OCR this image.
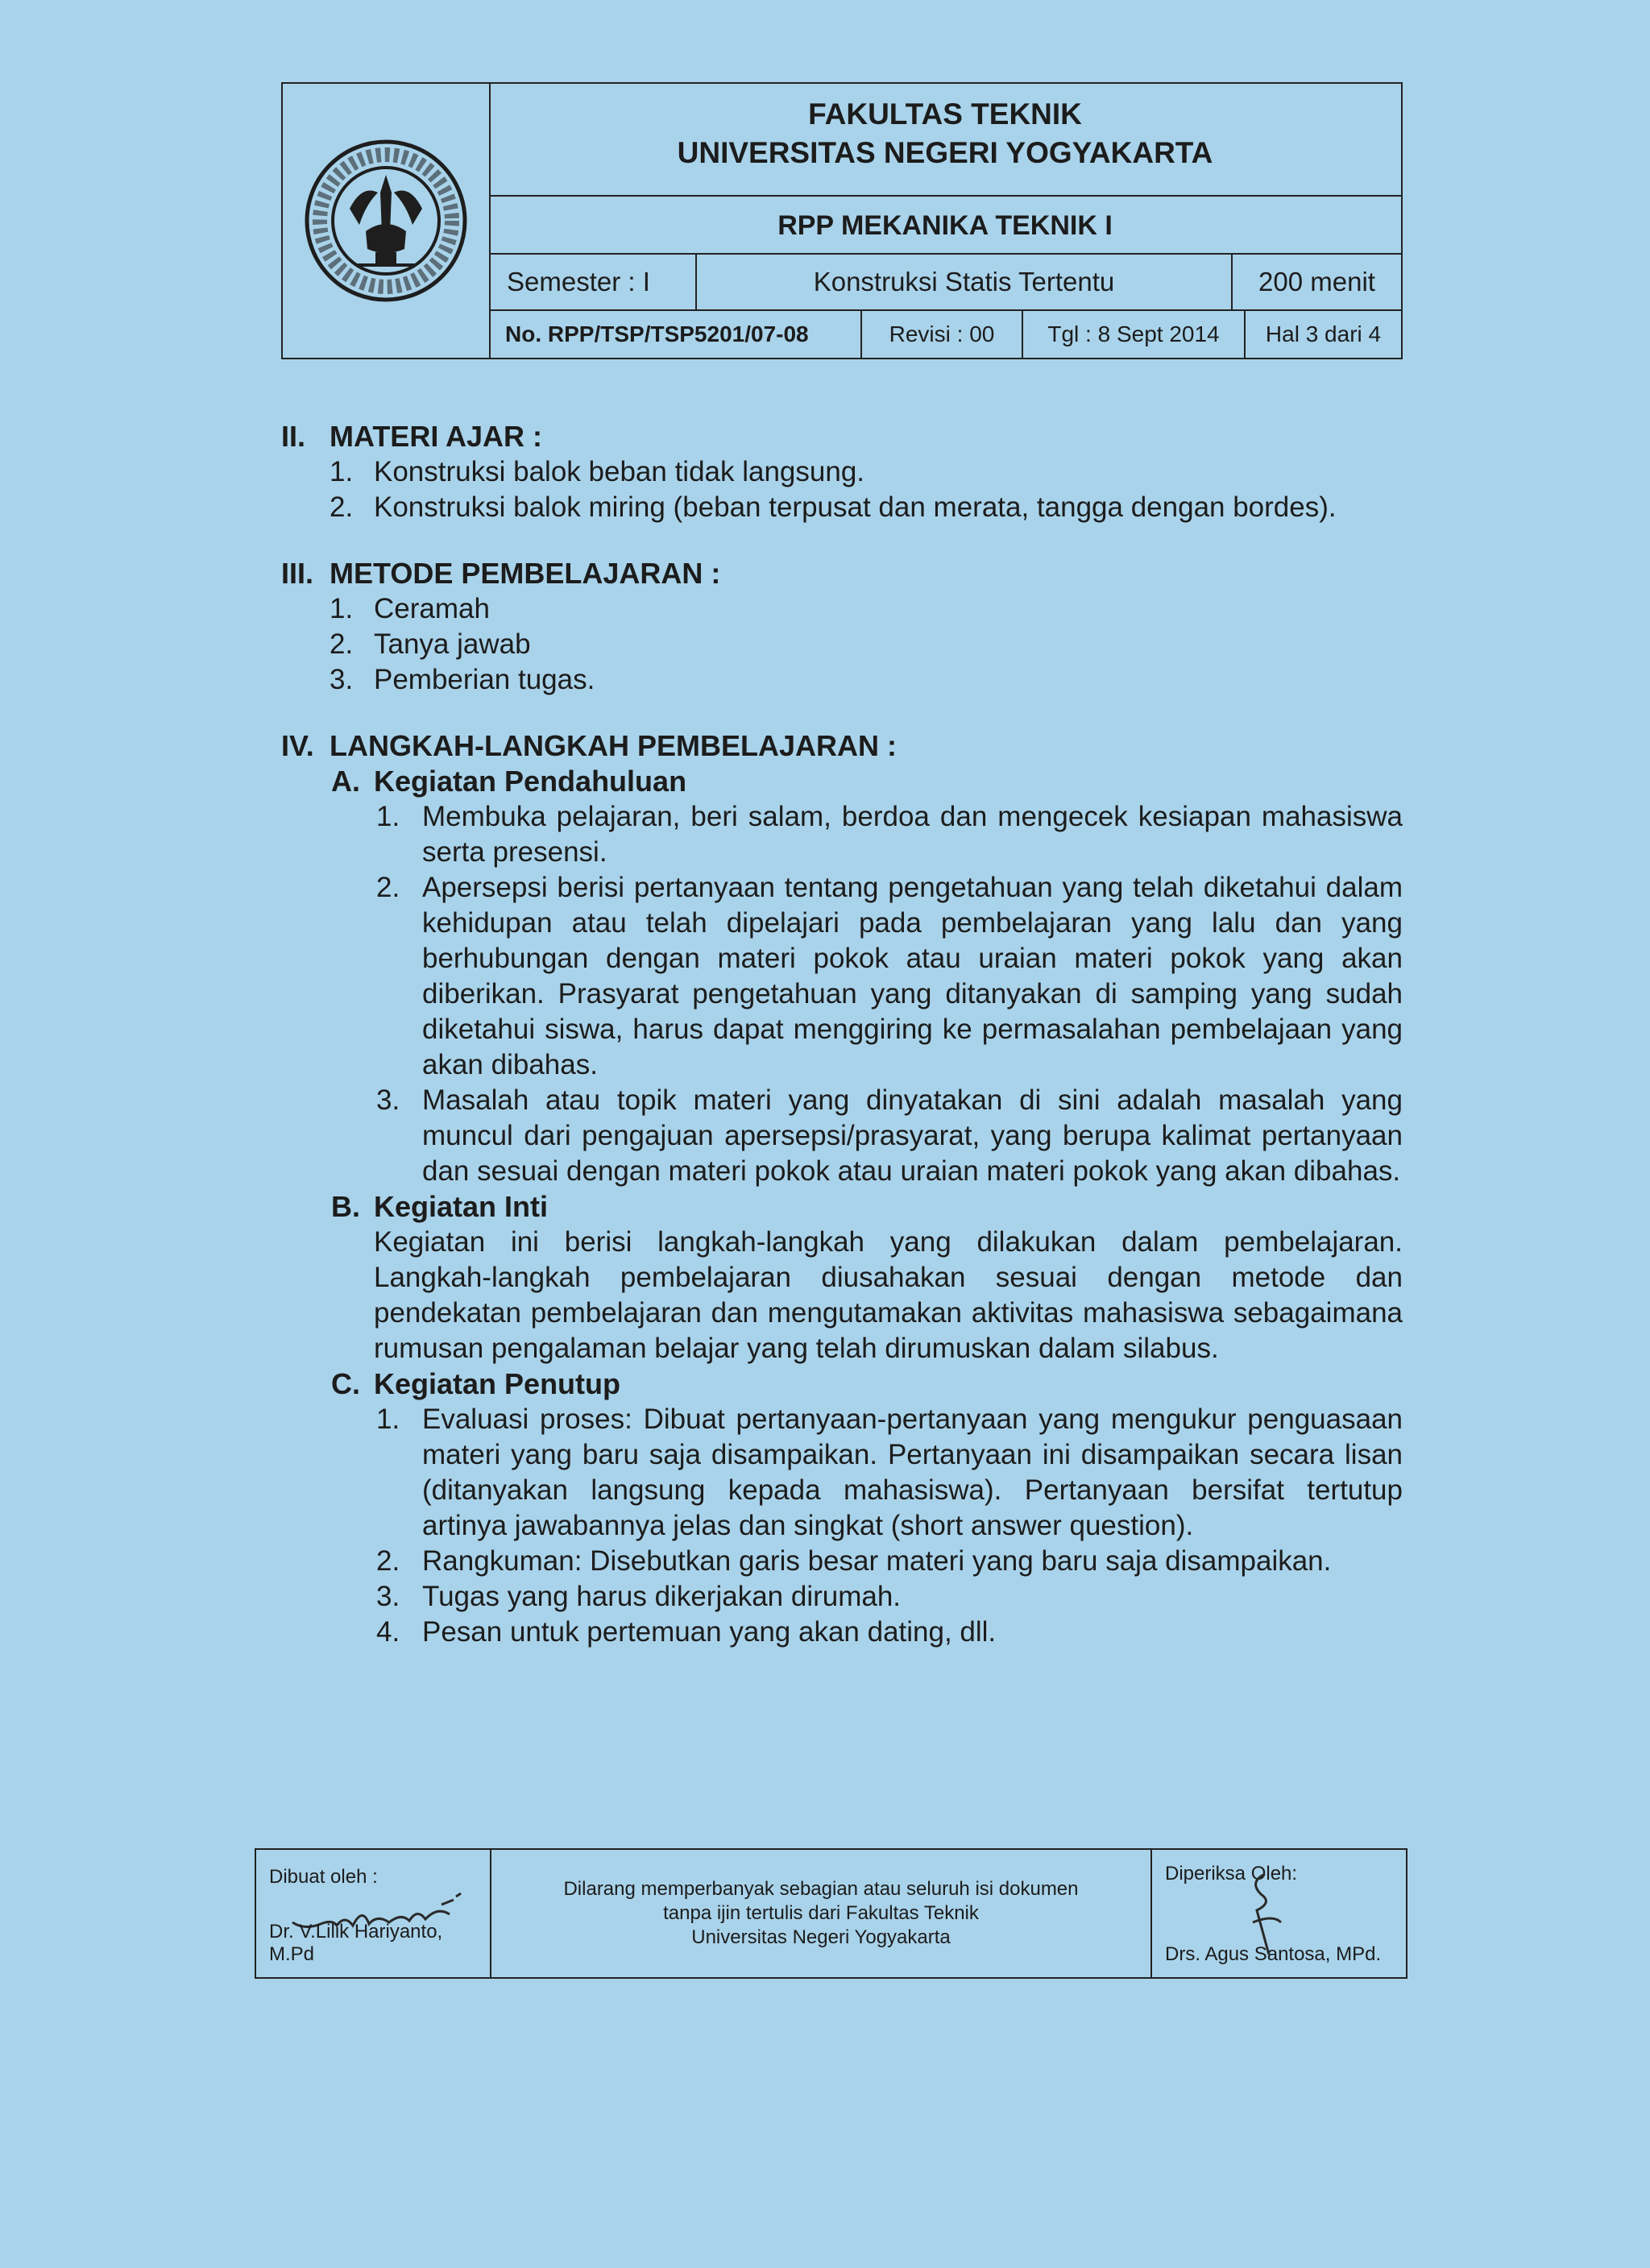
FAKULTAS TEKNIK
UNIVERSITAS NEGERI YOGYAKARTA
RPP MEKANIKA TEKNIK I
Semester : I	Konstruksi Statis Tertentu	200 menit
No. RPP/TSP/TSP5201/07-08	Revisi : 00	Tgl : 8 Sept 2014	Hal 3 dari 4
II. MATERI AJAR :
1. Konstruksi balok beban tidak langsung.
2. Konstruksi balok miring (beban terpusat dan merata, tangga dengan bordes).
III. METODE PEMBELAJARAN :
1. Ceramah
2. Tanya jawab
3. Pemberian tugas.
IV. LANGKAH-LANGKAH PEMBELAJARAN :
A. Kegiatan Pendahuluan
1. Membuka pelajaran, beri salam, berdoa dan mengecek kesiapan mahasiswa serta presensi.
2. Apersepsi berisi pertanyaan tentang pengetahuan yang telah diketahui dalam kehidupan atau telah dipelajari pada pembelajaran yang lalu dan yang berhubungan dengan materi pokok atau uraian materi pokok yang akan diberikan. Prasyarat pengetahuan yang ditanyakan di samping yang sudah diketahui siswa, harus dapat menggiring ke permasalahan pembelajaan yang akan dibahas.
3. Masalah atau topik materi yang dinyatakan di sini adalah masalah yang muncul dari pengajuan apersepsi/prasyarat, yang berupa kalimat pertanyaan dan sesuai dengan materi pokok atau uraian materi pokok yang akan dibahas.
B. Kegiatan Inti
Kegiatan ini berisi langkah-langkah yang dilakukan dalam pembelajaran. Langkah-langkah pembelajaran diusahakan sesuai dengan metode dan pendekatan pembelajaran dan mengutamakan aktivitas mahasiswa sebagaimana rumusan pengalaman belajar yang telah dirumuskan dalam silabus.
C. Kegiatan Penutup
1. Evaluasi proses: Dibuat pertanyaan-pertanyaan yang mengukur penguasaan materi yang baru saja disampaikan. Pertanyaan ini disampaikan secara lisan (ditanyakan langsung kepada mahasiswa). Pertanyaan bersifat tertutup artinya jawabannya jelas dan singkat (short answer question).
2. Rangkuman: Disebutkan garis besar materi yang baru saja disampaikan.
3. Tugas yang harus dikerjakan dirumah.
4. Pesan untuk pertemuan yang akan dating, dll.
Dibuat oleh :
Dr. V.Lilik Hariyanto, M.Pd
Dilarang memperbanyak sebagian atau seluruh isi dokumen
tanpa ijin tertulis dari Fakultas Teknik
Universitas Negeri Yogyakarta
Diperiksa Oleh:
Drs. Agus Santosa, MPd.
